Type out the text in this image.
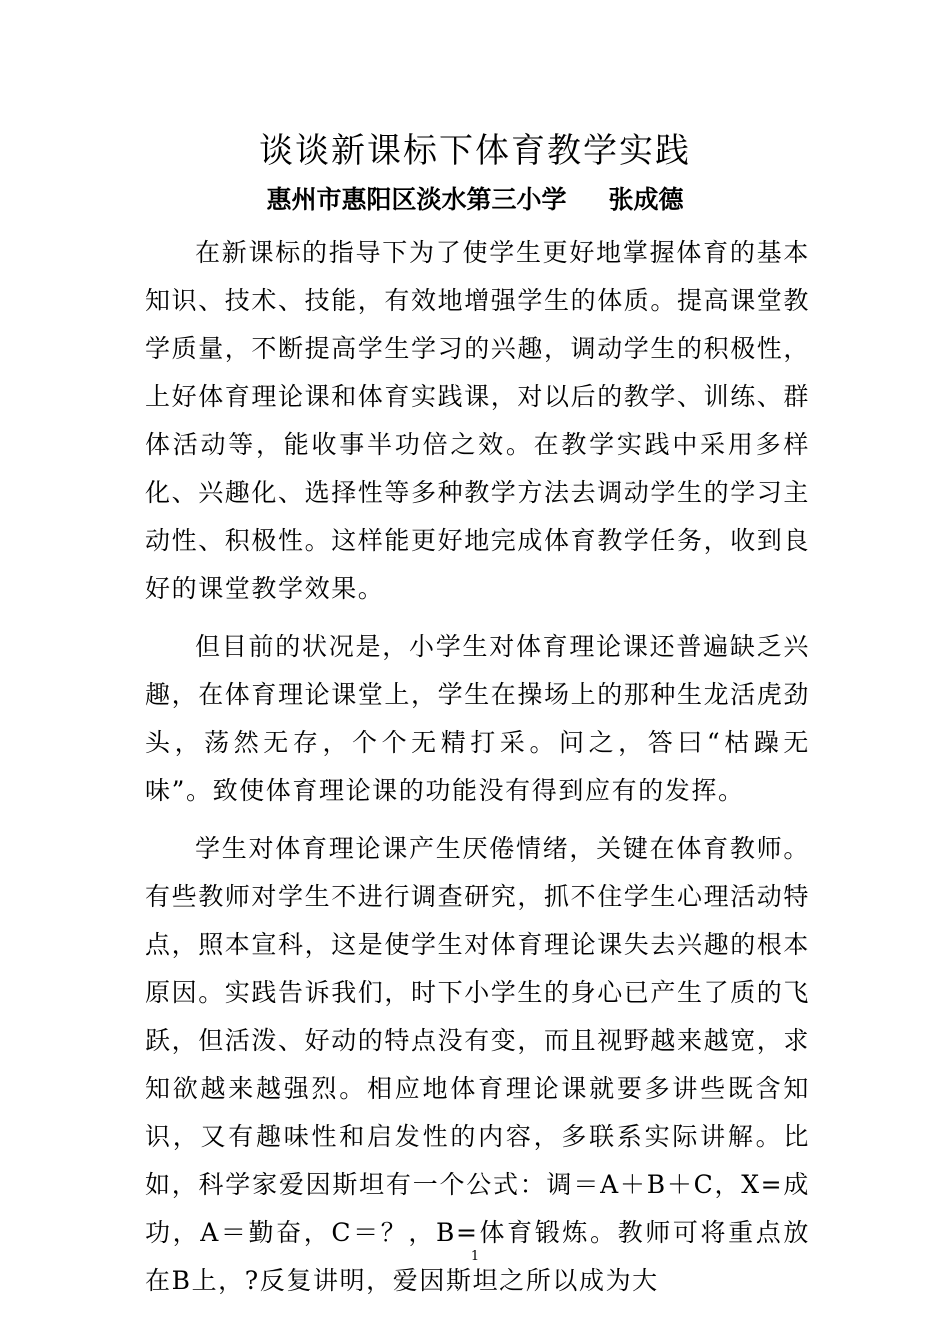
谈谈新课标下体育教学实践
惠州市惠阳区淡水第三小学 张成德

在新课标的指导下为了使学生更好地掌握体育的基本知识、技术、技能，有效地增强学生的体质。提高课堂教学质量，不断提高学生学习的兴趣，调动学生的积极性，上好体育理论课和体育实践课，对以后的教学、训练、群体活动等，能收事半功倍之效。在教学实践中采用多样化、兴趣化、选择性等多种教学方法去调动学生的学习主动性、积极性。这样能更好地完成体育教学任务，收到良好的课堂教学效果。

但目前的状况是，小学生对体育理论课还普遍缺乏兴趣，在体育理论课堂上，学生在操场上的那种生龙活虎劲头，荡然无存，个个无精打采。问之，答曰“枯躁无味”。致使体育理论课的功能没有得到应有的发挥。

学生对体育理论课产生厌倦情绪，关键在体育教师。有些教师对学生不进行调查研究，抓不住学生心理活动特点，照本宣科，这是使学生对体育理论课失去兴趣的根本原因。实践告诉我们，时下小学生的身心已产生了质的飞跃，但活泼、好动的特点没有变，而且视野越来越宽，求知欲越来越强烈。相应地体育理论课就要多讲些既含知识，又有趣味性和启发性的内容，多联系实际讲解。比如，科学家爱因斯坦有一个公式：调＝A＋B＋C，X=成功，A＝勤奋，C＝？，B=体育锻炼。教师可将重点放在B上，?反复讲明，爱因斯坦之所以成为大

1
